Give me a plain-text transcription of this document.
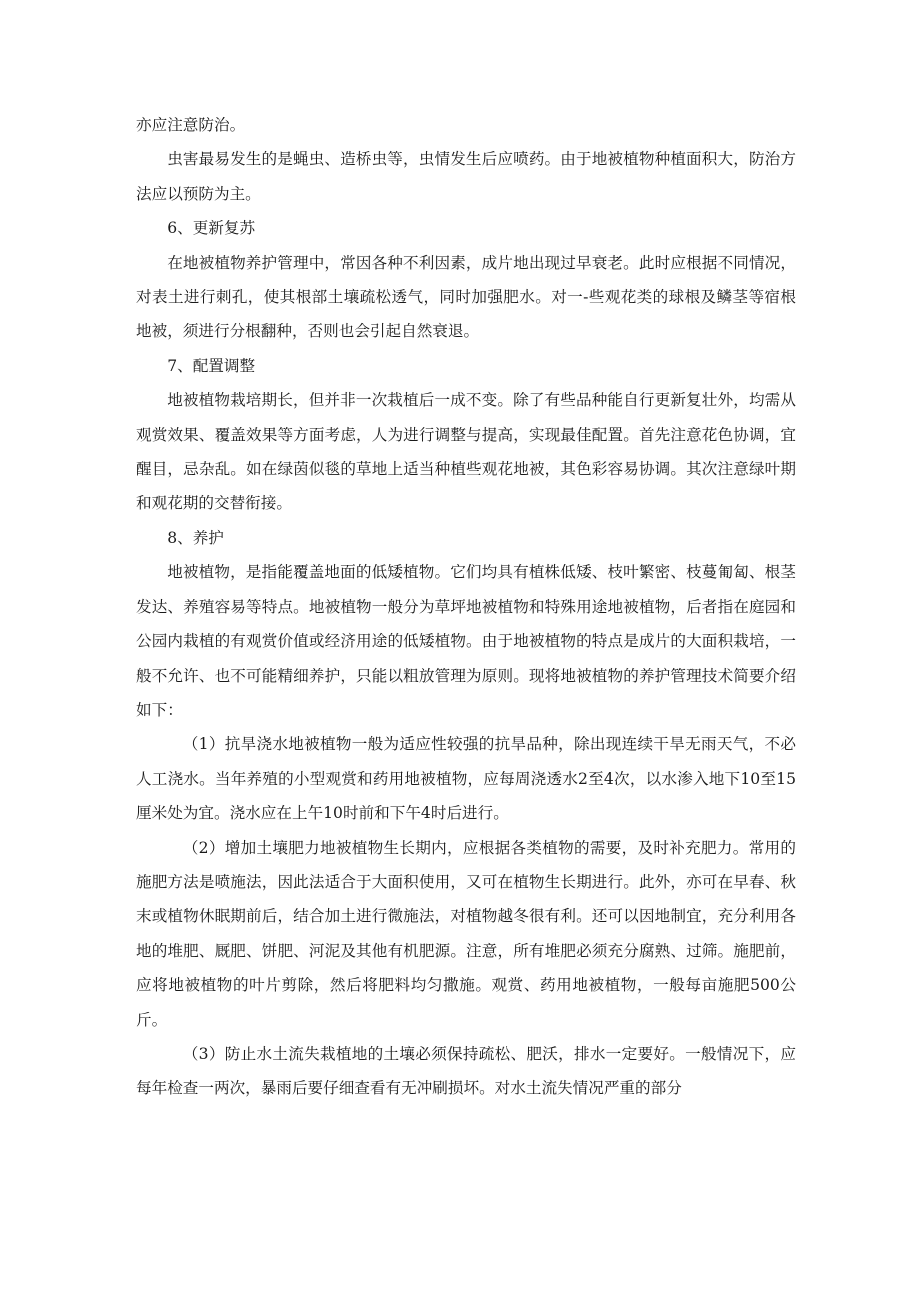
亦应注意防治。

虫害最易发生的是蝇虫、造桥虫等，虫情发生后应喷药。由于地被植物种植面积大，防治方法应以预防为主。

6、更新复苏

在地被植物养护管理中，常因各种不利因素，成片地出现过早衰老。此时应根据不同情况，对表土进行刺孔，使其根部土壤疏松透气，同时加强肥水。对一-些观花类的球根及鳞茎等宿根地被，须进行分根翻种，否则也会引起自然衰退。

7、配置调整

地被植物栽培期长，但并非一次栽植后一成不变。除了有些品种能自行更新复壮外，均需从观赏效果、覆盖效果等方面考虑，人为进行调整与提高，实现最佳配置。首先注意花色协调，宜醒目，忌杂乱。如在绿茵似毯的草地上适当种植些观花地被，其色彩容易协调。其次注意绿叶期和观花期的交替衔接。

8、养护

地被植物，是指能覆盖地面的低矮植物。它们均具有植株低矮、枝叶繁密、枝蔓匍匐、根茎发达、养殖容易等特点。地被植物一般分为草坪地被植物和特殊用途地被植物，后者指在庭园和公园内栽植的有观赏价值或经济用途的低矮植物。由于地被植物的特点是成片的大面积栽培，一般不允许、也不可能精细养护，只能以粗放管理为原则。现将地被植物的养护管理技术简要介绍如下：

（1）抗旱浇水地被植物一般为适应性较强的抗旱品种，除出现连续干旱无雨天气，不必人工浇水。当年养殖的小型观赏和药用地被植物，应每周浇透水2至4次，以水渗入地下10至15厘米处为宜。浇水应在上午10时前和下午4时后进行。

（2）增加土壤肥力地被植物生长期内，应根据各类植物的需要，及时补充肥力。常用的施肥方法是喷施法，因此法适合于大面积使用，又可在植物生长期进行。此外，亦可在早春、秋末或植物休眠期前后，结合加土进行微施法，对植物越冬很有利。还可以因地制宜，充分利用各地的堆肥、厩肥、饼肥、河泥及其他有机肥源。注意，所有堆肥必须充分腐熟、过筛。施肥前，应将地被植物的叶片剪除，然后将肥料均匀撒施。观赏、药用地被植物，一般每亩施肥500公斤。

（3）防止水土流失栽植地的土壤必须保持疏松、肥沃，排水一定要好。一般情况下，应每年检查一两次，暴雨后要仔细查看有无冲刷损坏。对水土流失情况严重的部分
